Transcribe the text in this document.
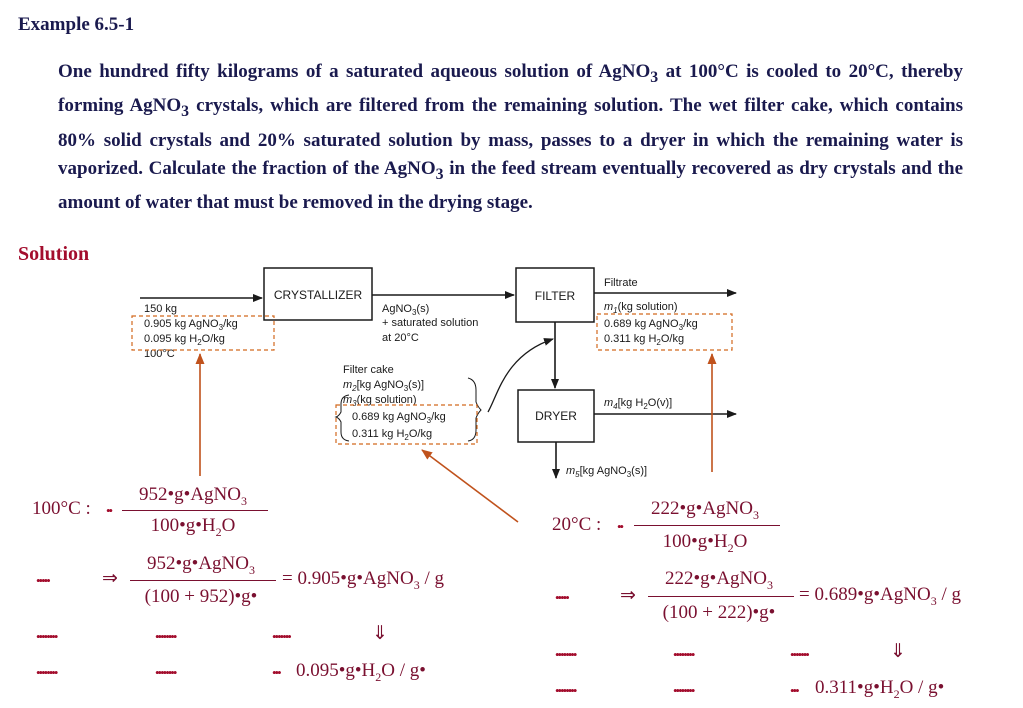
Example 6.5-1

One hundred fifty kilograms of a saturated aqueous solution of AgNO$_3$ at 100°C is cooled to 20°C, thereby forming AgNO$_3$ crystals, which are filtered from the remaining solution. The wet filter cake, which contains 80% solid crystals and 20% saturated solution by mass, passes to a dryer in which the remaining water is vaporized. Calculate the fraction of the AgNO$_3$ in the feed stream eventually recovered as dry crystals and the amount of water that must be removed in the drying stage.

Solution
CRYSTALLIZER	FILTER
DRYER
150 kg
0.905 kg AgNO$_3$/kg
0.095 kg $H_2O/kg$
100°C
AgNO$_3$(s)
+ saturated solution
at 20°C
Filtrate
$m_1(kg$ solution)
0.689 kg AgNO$_3$/kg
0.311 kg $H_2O/kg$
Filter cake
$m_2[kg$ AgNO$_3$(s)]
$m_3(kg$ solution)
0.689 kg AgNO$_3$/kg
0.311 kg $H_2O/kg$
$m_4[kg$ $H_2O(v)$]
$m_5[kg$ AgNO$_3$(s)]
100°C : ••
952•g•AgNO$_3$
$100•g•H_2O$
•••••	⇒
952•g•AgNO$_3$
(100 + 952)•g•
= 0.905•g•AgNO$_3$ / g
••••••••	••••••••	•••••••	⇓
••••••••	••••••••	••• $0.095•g•H_2O$ / g•
20°C : ••
222•g•AgNO$_3$
$100•g•H_2O$
•••••	⇒
222•g•AgNO$_3$
(100 + 222)•g•
= 0.689•g•AgNO$_3$ / g
••••••••	••••••••	•••••••	⇓
••••••••	••••••••	••• $0.311•g•H_2O$ / g•
